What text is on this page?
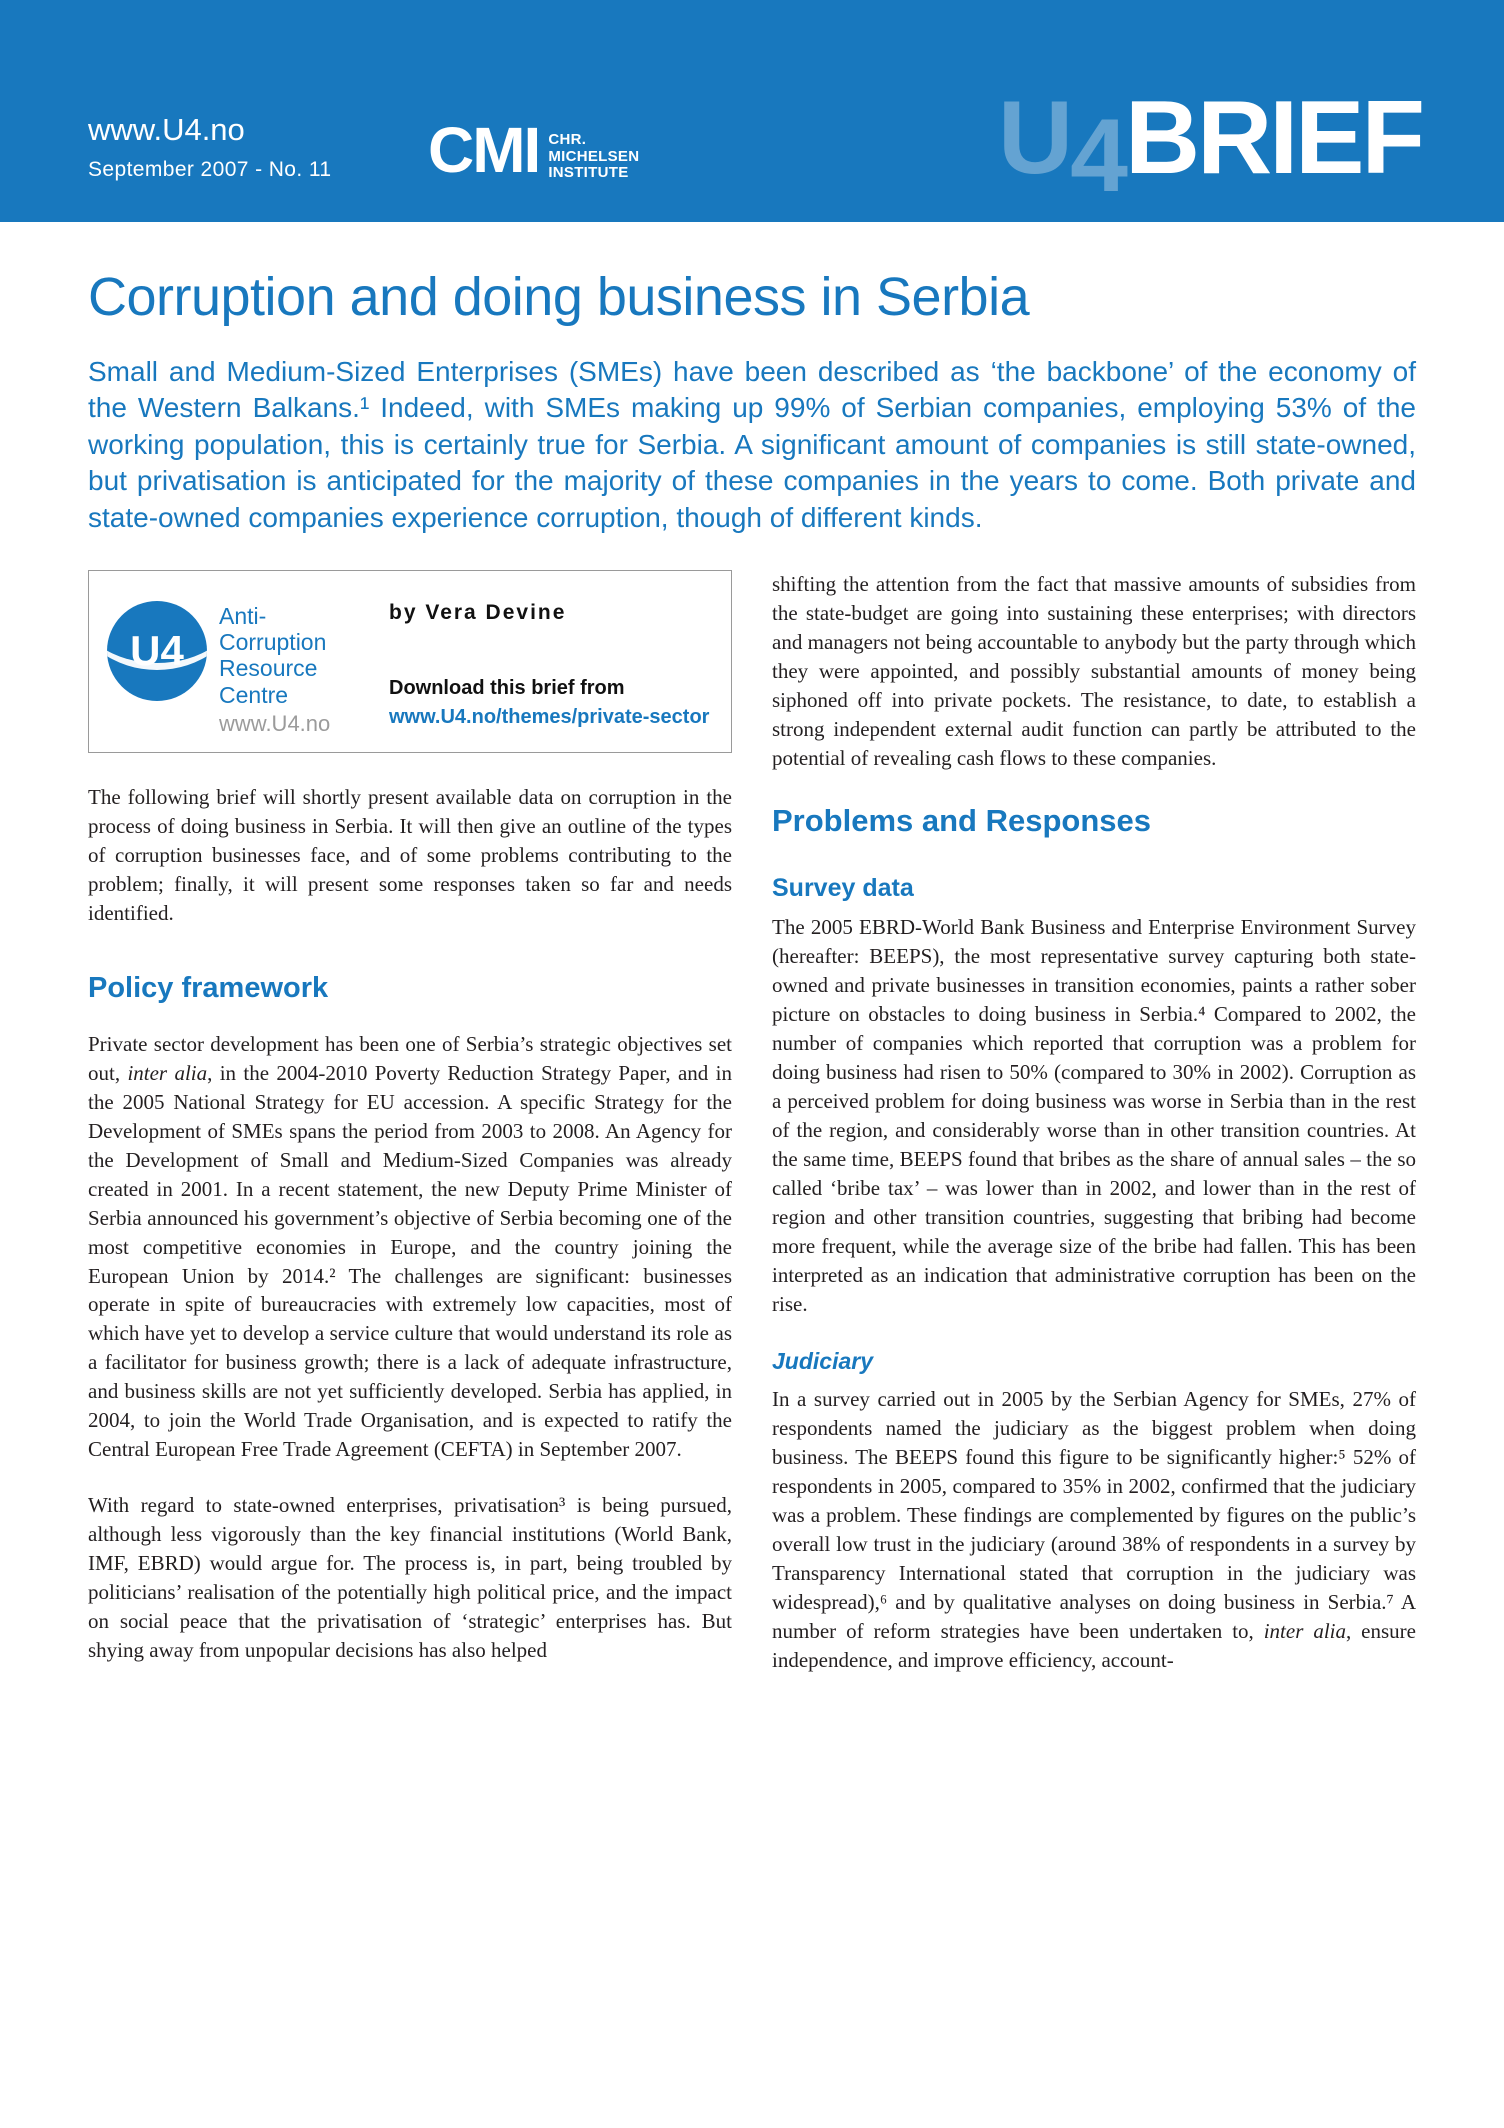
www.U4.no
September 2007 - No. 11 CMI CHR.
MICHELSEN
INSTITUTE	U4BRIEF
Corruption and doing business in Serbia

Small and Medium-Sized Enterprises (SMEs) have been described as ‘the backbone’ of the economy of the Western Balkans.¹ Indeed, with SMEs making up 99% of Serbian companies, employing 53% of the working population, this is certainly true for Serbia. A significant amount of companies is still state-owned, but privatisation is anticipated for the majority of these companies in the years to come. Both private and state-owned companies experience corruption, though of different kinds.

U4
Anti-
Corruption
Resource
Centre
www.U4.no
by Vera Devine
Download this brief from
www.U4.no/themes/private-sector

The following brief will shortly present available data on corruption in the process of doing business in Serbia. It will then give an outline of the types of corruption businesses face, and of some problems contributing to the problem; finally, it will present some responses taken so far and needs identified.

Policy framework

Private sector development has been one of Serbia’s strategic objectives set out, inter alia, in the 2004-2010 Poverty Reduction Strategy Paper, and in the 2005 National Strategy for EU accession. A specific Strategy for the Development of SMEs spans the period from 2003 to 2008. An Agency for the Development of Small and Medium-Sized Companies was already created in 2001. In a recent statement, the new Deputy Prime Minister of Serbia announced his government’s objective of Serbia becoming one of the most competitive economies in Europe, and the country joining the European Union by 2014.² The challenges are significant: businesses operate in spite of bureaucracies with extremely low capacities, most of which have yet to develop a service culture that would understand its role as a facilitator for business growth; there is a lack of adequate infrastructure, and business skills are not yet sufficiently developed. Serbia has applied, in 2004, to join the World Trade Organisation, and is expected to ratify the Central European Free Trade Agreement (CEFTA) in September 2007.

With regard to state-owned enterprises, privatisation³ is being pursued, although less vigorously than the key financial institutions (World Bank, IMF, EBRD) would argue for. The process is, in part, being troubled by politicians’ realisation of the potentially high political price, and the impact on social peace that the privatisation of ‘strategic’ enterprises has. But shying away from unpopular decisions has also helped

shifting the attention from the fact that massive amounts of subsidies from the state-budget are going into sustaining these enterprises; with directors and managers not being accountable to anybody but the party through which they were appointed, and possibly substantial amounts of money being siphoned off into private pockets. The resistance, to date, to establish a strong independent external audit function can partly be attributed to the potential of revealing cash flows to these companies.

Problems and Responses
Survey data

The 2005 EBRD-World Bank Business and Enterprise Environment Survey (hereafter: BEEPS), the most representative survey capturing both state-owned and private businesses in transition economies, paints a rather sober picture on obstacles to doing business in Serbia.⁴ Compared to 2002, the number of companies which reported that corruption was a problem for doing business had risen to 50% (compared to 30% in 2002). Corruption as a perceived problem for doing business was worse in Serbia than in the rest of the region, and considerably worse than in other transition countries. At the same time, BEEPS found that bribes as the share of annual sales – the so called ‘bribe tax’ – was lower than in 2002, and lower than in the rest of region and other transition countries, suggesting that bribing had become more frequent, while the average size of the bribe had fallen. This has been interpreted as an indication that administrative corruption has been on the rise.

Judiciary

In a survey carried out in 2005 by the Serbian Agency for SMEs, 27% of respondents named the judiciary as the biggest problem when doing business. The BEEPS found this figure to be significantly higher:⁵ 52% of respondents in 2005, compared to 35% in 2002, confirmed that the judiciary was a problem. These findings are complemented by figures on the public’s overall low trust in the judiciary (around 38% of respondents in a survey by Transparency International stated that corruption in the judiciary was widespread),⁶ and by qualitative analyses on doing business in Serbia.⁷ A number of reform strategies have been undertaken to, inter alia, ensure independence, and improve efficiency, account-
